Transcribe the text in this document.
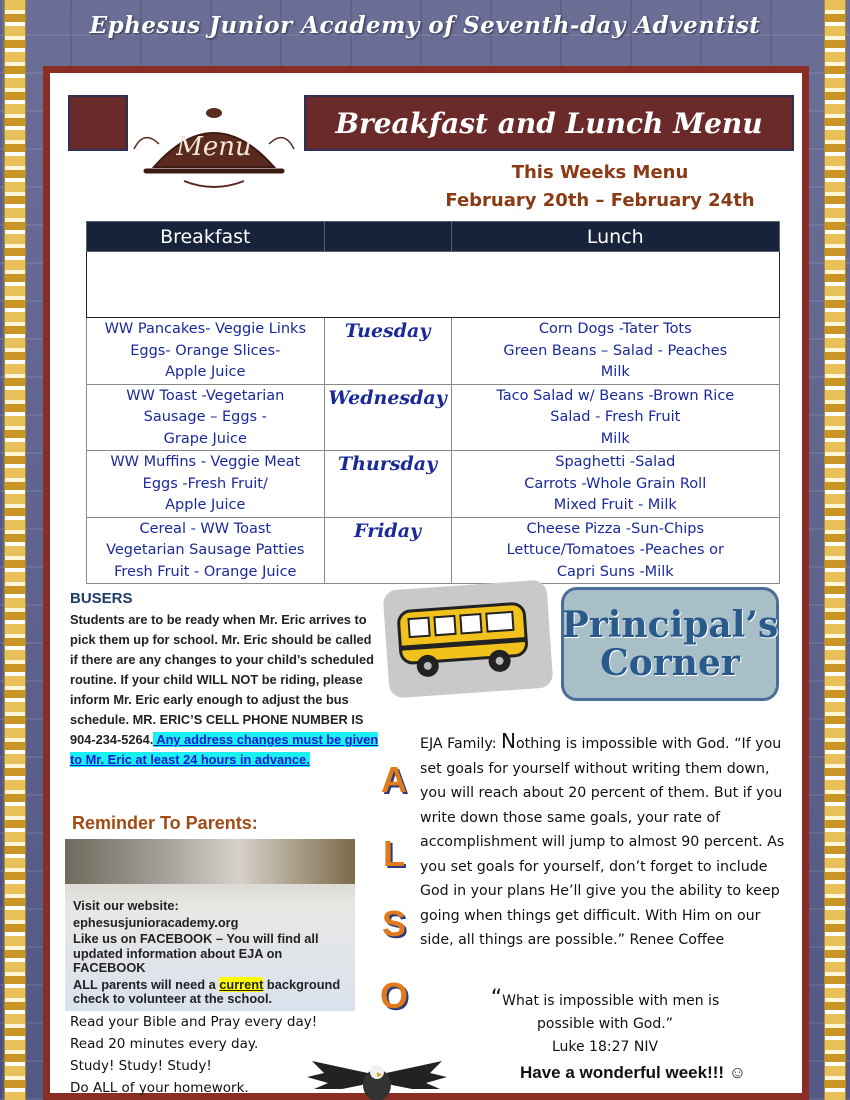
Ephesus Junior Academy of Seventh-day Adventist
Breakfast and Lunch Menu
Menu
This Weeks Menu
February 20th – February 24th
Breakfast		Lunch

WW Pancakes- Veggie Links
Eggs- Orange Slices-
Apple Juice	Tuesday	Corn Dogs -Tater Tots
Green Beans – Salad - Peaches
Milk
WW Toast -Vegetarian
Sausage – Eggs -
Grape Juice	Wednesday	Taco Salad w/ Beans -Brown Rice
Salad - Fresh Fruit
Milk
WW Muffins - Veggie Meat
Eggs -Fresh Fruit/
Apple Juice	Thursday	Spaghetti -Salad
Carrots -Whole Grain Roll
Mixed Fruit - Milk
Cereal - WW Toast
Vegetarian Sausage Patties
Fresh Fruit - Orange Juice	Friday	Cheese Pizza -Sun-Chips
Lettuce/Tomatoes -Peaches or
Capri Suns -Milk
BUSERS
Students are to be ready when Mr. Eric arrives to pick them up for school. Mr. Eric should be called if there are any changes to your child’s scheduled routine. If your child WILL NOT be riding, please inform Mr. Eric early enough to adjust the bus schedule. MR. ERIC’S CELL PHONE NUMBER IS 904-234-5264. Any address changes must be given to Mr. Eric at least 24 hours in advance.
Reminder To Parents:

Visit our website:

ephesusjunioracademy.org

Like us on FACEBOOK – You will find all updated information about EJA on FACEBOOK

ALL parents will need a current background check to volunteer at the school.

Read your Bible and Pray every day!
Read 20 minutes every day.
Study! Study! Study!
Do ALL of your homework.
A
L
S
O
Principal’s
Corner
EJA Family: Nothing is impossible with God. “If you set goals for yourself without writing them down, you will reach about 20 percent of them. But if you write down those same goals, your rate of accomplishment will jump to almost 90 percent. As you set goals for yourself, don’t forget to include God in your plans He’ll give you the ability to keep going when things get difficult. With Him on our side, all things are possible.” Renee Coffee
“What is impossible with men is possible with God.”
Luke 18:27 NIV
Have a wonderful week!!! ☺
